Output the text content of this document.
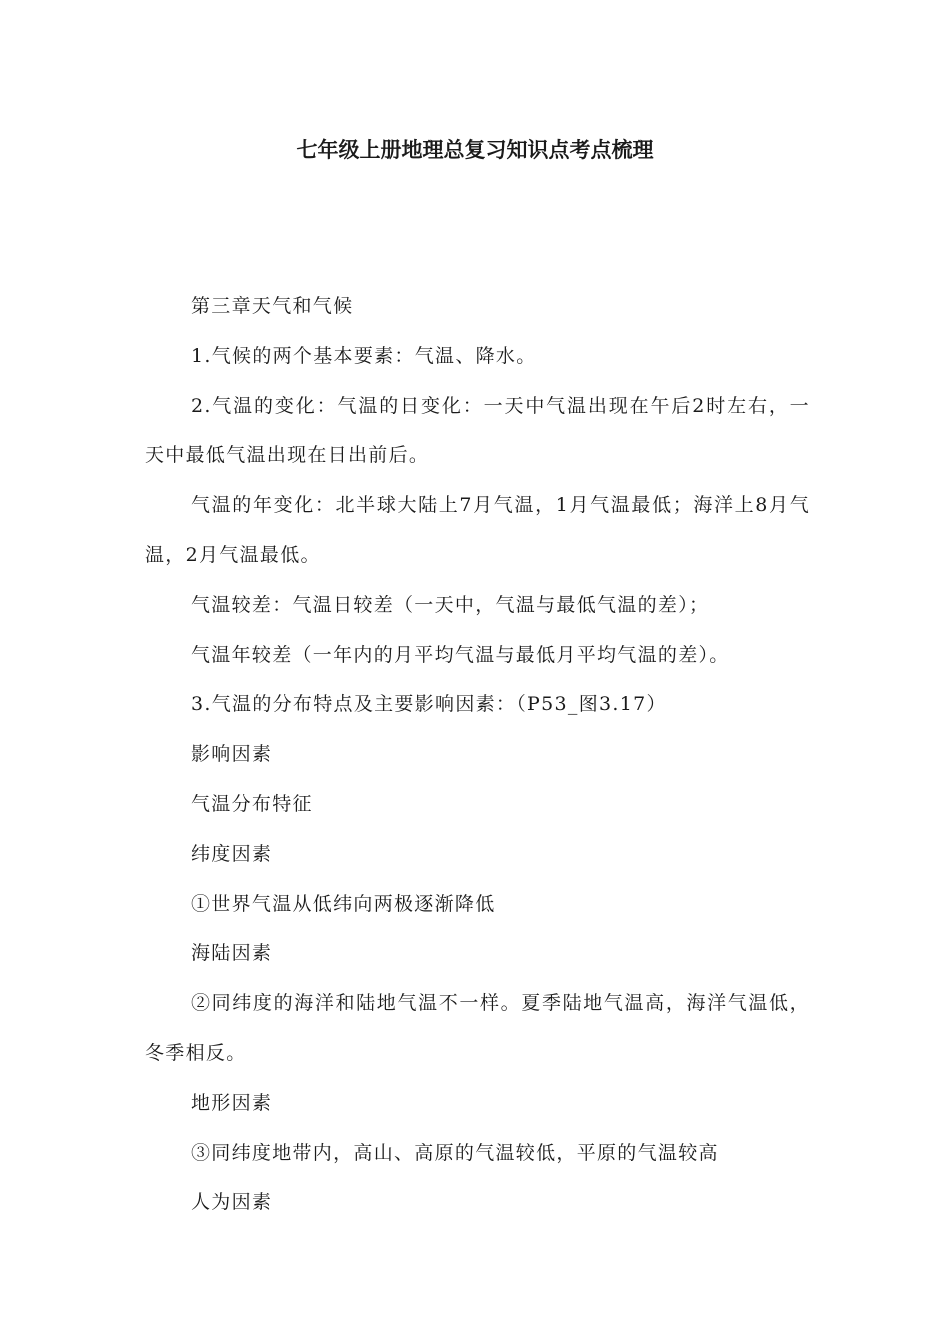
七年级上册地理总复习知识点考点梳理

第三章天气和气候

1.气候的两个基本要素：气温、降水。

2.气温的变化：气温的日变化：一天中气温出现在午后2时左右，一天中最低气温出现在日出前后。

气温的年变化：北半球大陆上7月气温，1月气温最低；海洋上8月气温，2月气温最低。

气温较差：气温日较差（一天中，气温与最低气温的差）；

气温年较差（一年内的月平均气温与最低月平均气温的差）。

3.气温的分布特点及主要影响因素：（P53_图3.17）

影响因素

气温分布特征

纬度因素

①世界气温从低纬向两极逐渐降低

海陆因素

②同纬度的海洋和陆地气温不一样。夏季陆地气温高，海洋气温低，冬季相反。

地形因素

③同纬度地带内，高山、高原的气温较低，平原的气温较高

人为因素
